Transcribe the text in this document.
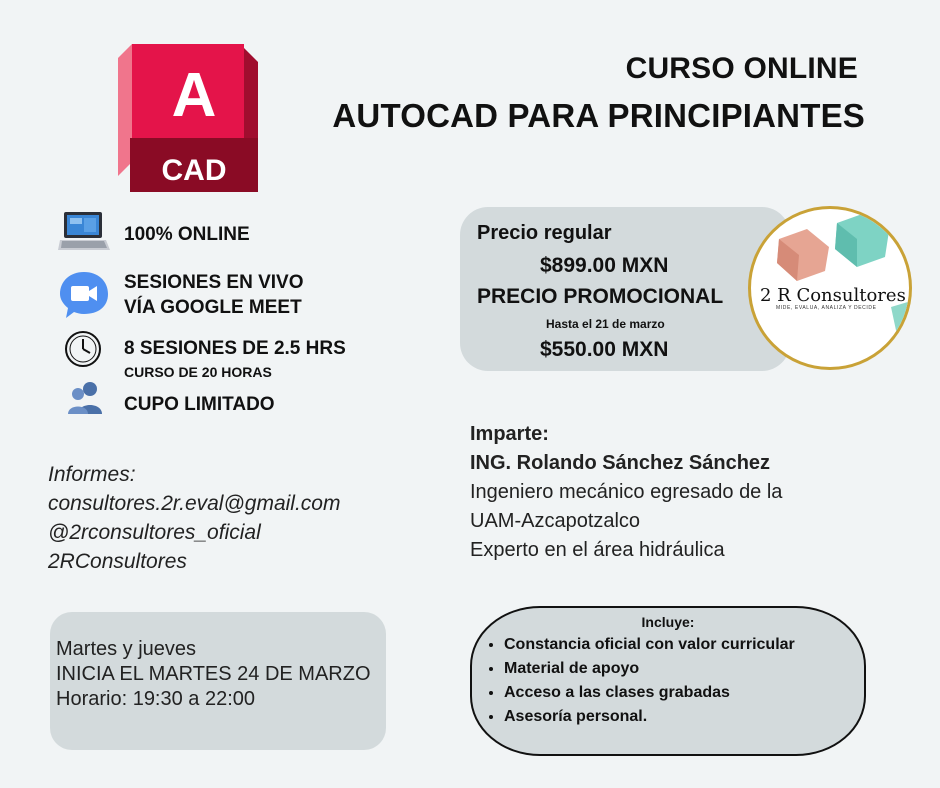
A
CAD
CURSO ONLINE
AUTOCAD PARA PRINCIPIANTES
100% ONLINE
SESIONES EN VIVO
VÍA GOOGLE MEET
8 SESIONES DE 2.5 HRS
CURSO DE 20 HORAS
CUPO LIMITADO
Informes:
consultores.2r.eval@gmail.com
@2rconsultores_oficial
2RConsultores
Martes y jueves
INICIA EL MARTES 24 DE MARZO
Horario: 19:30 a 22:00
Precio regular
$899.00 MXN
PRECIO PROMOCIONAL
Hasta el 21 de marzo
$550.00 MXN
2 R Consultores
MIDE, EVALUA, ANALIZA Y DECIDE
Imparte:
ING. Rolando Sánchez Sánchez
Ingeniero mecánico egresado de la
UAM-Azcapotzalco
Experto en el área hidráulica
Incluye:
• Constancia oficial con valor curricular
• Material de apoyo
• Acceso a las clases grabadas
• Asesoría personal.
